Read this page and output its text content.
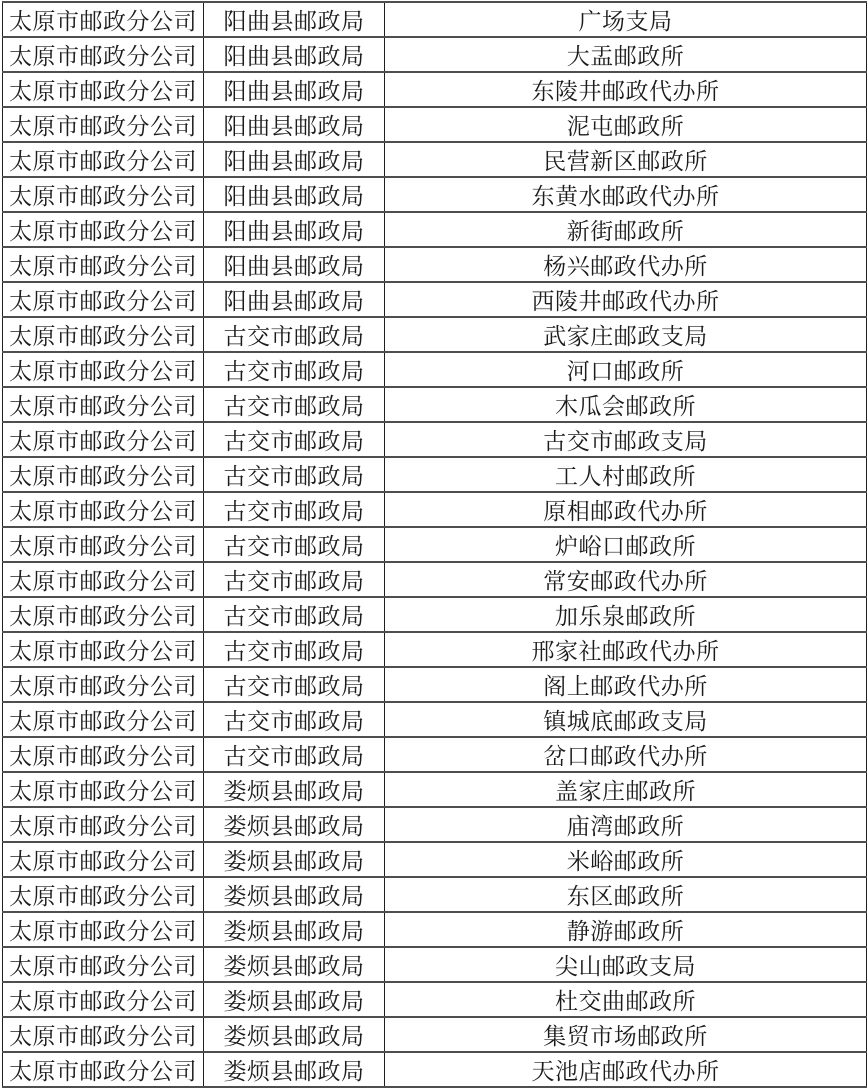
太原市邮政分公司	阳曲县邮政局	广场支局
太原市邮政分公司	阳曲县邮政局	大盂邮政所
太原市邮政分公司	阳曲县邮政局	东陵井邮政代办所
太原市邮政分公司	阳曲县邮政局	泥屯邮政所
太原市邮政分公司	阳曲县邮政局	民营新区邮政所
太原市邮政分公司	阳曲县邮政局	东黄水邮政代办所
太原市邮政分公司	阳曲县邮政局	新街邮政所
太原市邮政分公司	阳曲县邮政局	杨兴邮政代办所
太原市邮政分公司	阳曲县邮政局	西陵井邮政代办所
太原市邮政分公司	古交市邮政局	武家庄邮政支局
太原市邮政分公司	古交市邮政局	河口邮政所
太原市邮政分公司	古交市邮政局	木瓜会邮政所
太原市邮政分公司	古交市邮政局	古交市邮政支局
太原市邮政分公司	古交市邮政局	工人村邮政所
太原市邮政分公司	古交市邮政局	原相邮政代办所
太原市邮政分公司	古交市邮政局	炉峪口邮政所
太原市邮政分公司	古交市邮政局	常安邮政代办所
太原市邮政分公司	古交市邮政局	加乐泉邮政所
太原市邮政分公司	古交市邮政局	邢家社邮政代办所
太原市邮政分公司	古交市邮政局	阁上邮政代办所
太原市邮政分公司	古交市邮政局	镇城底邮政支局
太原市邮政分公司	古交市邮政局	岔口邮政代办所
太原市邮政分公司	娄烦县邮政局	盖家庄邮政所
太原市邮政分公司	娄烦县邮政局	庙湾邮政所
太原市邮政分公司	娄烦县邮政局	米峪邮政所
太原市邮政分公司	娄烦县邮政局	东区邮政所
太原市邮政分公司	娄烦县邮政局	静游邮政所
太原市邮政分公司	娄烦县邮政局	尖山邮政支局
太原市邮政分公司	娄烦县邮政局	杜交曲邮政所
太原市邮政分公司	娄烦县邮政局	集贸市场邮政所
太原市邮政分公司	娄烦县邮政局	天池店邮政代办所
